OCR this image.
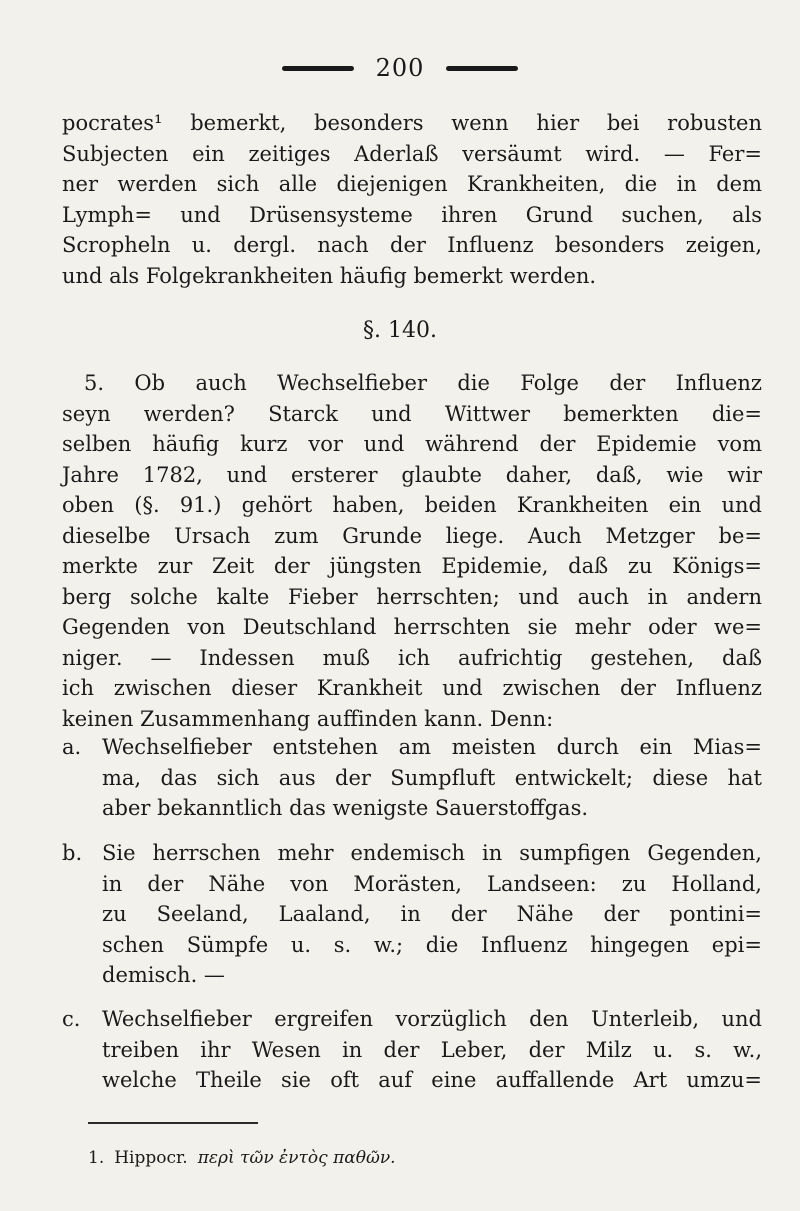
200
pocrates¹ bemerkt, besonders wenn hier bei robusten
Subjecten ein zeitiges Aderlaß versäumt wird. — Fer=
ner werden sich alle diejenigen Krankheiten, die in dem
Lymph= und Drüsensysteme ihren Grund suchen, als
Scropheln u. dergl. nach der Influenz besonders zeigen,
und als Folgekrankheiten häufig bemerkt werden.
§. 140.
5. Ob auch Wechselfieber die Folge der Influenz
seyn werden? Starck und Wittwer bemerkten die=
selben häufig kurz vor und während der Epidemie vom
Jahre 1782, und ersterer glaubte daher, daß, wie wir
oben (§. 91.) gehört haben, beiden Krankheiten ein und
dieselbe Ursach zum Grunde liege. Auch Metzger be=
merkte zur Zeit der jüngsten Epidemie, daß zu Königs=
berg solche kalte Fieber herrschten; und auch in andern
Gegenden von Deutschland herrschten sie mehr oder we=
niger. — Indessen muß ich aufrichtig gestehen, daß
ich zwischen dieser Krankheit und zwischen der Influenz
keinen Zusammenhang auffinden kann. Denn:
a. Wechselfieber entstehen am meisten durch ein Mias=
ma, das sich aus der Sumpfluft entwickelt; diese hat
aber bekanntlich das wenigste Sauerstoffgas.
b. Sie herrschen mehr endemisch in sumpfigen Gegenden,
in der Nähe von Morästen, Landseen: zu Holland,
zu Seeland, Laaland, in der Nähe der pontini=
schen Sümpfe u. s. w.; die Influenz hingegen epi=
demisch. —
c.	Wechselfieber ergreifen vorzüglich den Unterleib, und
treiben ihr Wesen in der Leber, der Milz u. s. w.,
welche Theile sie oft auf eine auffallende Art umzu=
1. Hippocr. περὶ τῶν ἐντὸς παθῶν.
